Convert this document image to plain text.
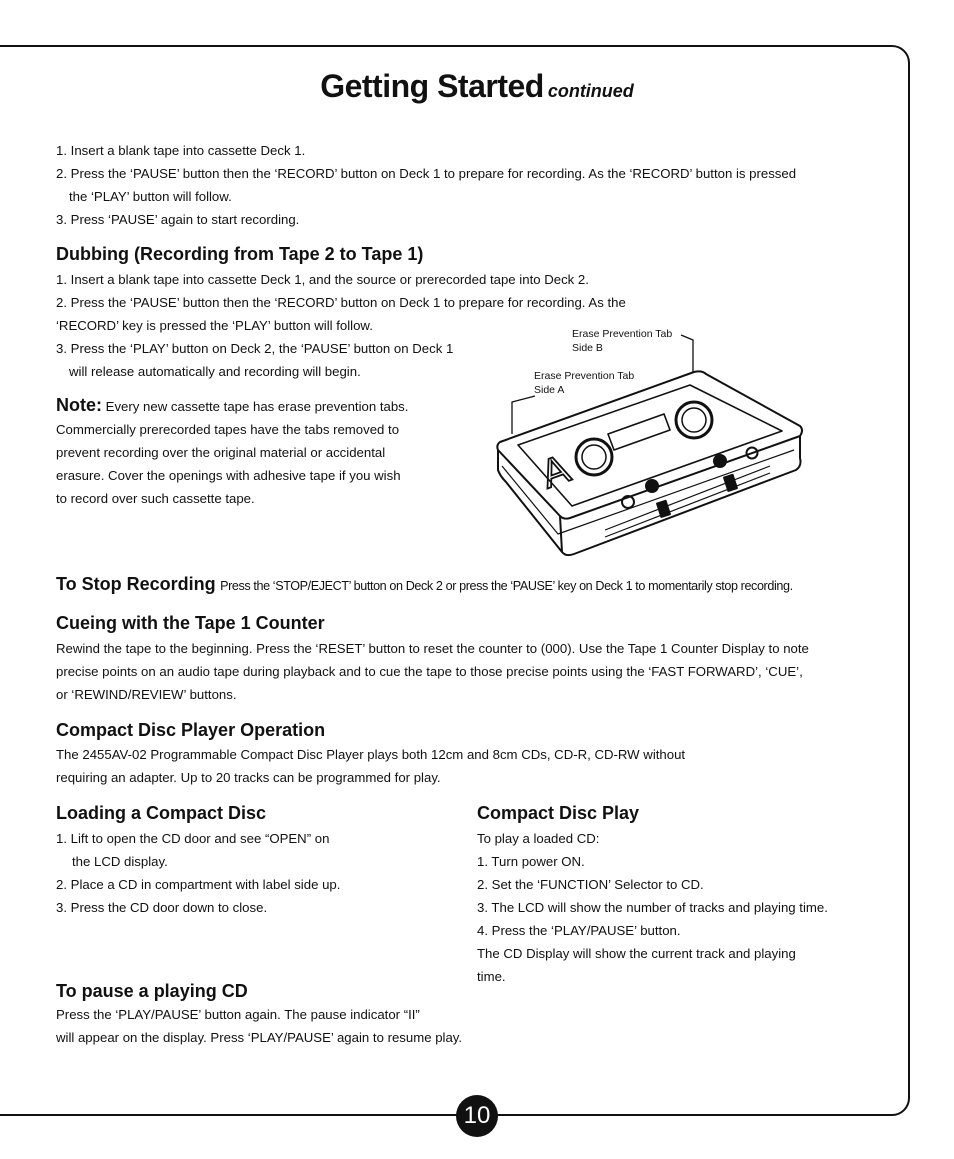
Getting Started continued

1. Insert a blank tape into cassette Deck 1.

2. Press the ‘PAUSE’ button then the ‘RECORD’ button on Deck 1 to prepare for recording. As the ‘RECORD’ button is pressed

the ‘PLAY’ button will follow.

3. Press ‘PAUSE’ again to start recording.

Dubbing (Recording from Tape 2 to Tape 1)

1. Insert a blank tape into cassette Deck 1, and the source or prerecorded tape into Deck 2.

2. Press the ‘PAUSE’ button then the ‘RECORD’ button on Deck 1 to prepare for recording. As the

‘RECORD’ key is pressed the ‘PLAY’ button will follow.

3. Press the ‘PLAY’ button on Deck 2, the ‘PAUSE’ button on Deck 1

will release automatically and recording will begin.

Note: Every new cassette tape has erase prevention tabs.

Commercially prerecorded tapes have the tabs removed to

prevent recording over the original material or accidental

erasure. Cover the openings with adhesive tape if you wish

to record over such cassette tape.

Erase Prevention Tab
Side B
Erase Prevention Tab
Side A
A
To Stop Recording Press the ‘STOP/EJECT’ button on Deck 2 or press the ‘PAUSE’ key on Deck 1 to momentarily stop recording.
Cueing with the Tape 1 Counter

Rewind the tape to the beginning. Press the ‘RESET’ button to reset the counter to (000). Use the Tape 1 Counter Display to note

precise points on an audio tape during playback and to cue the tape to those precise points using the ‘FAST FORWARD’, ‘CUE’,

or ‘REWIND/REVIEW’ buttons.

Compact Disc Player Operation

The 2455AV-02 Programmable Compact Disc Player plays both 12cm and 8cm CDs, CD-R, CD-RW without

requiring an adapter. Up to 20 tracks can be programmed for play.

Loading a Compact Disc

1. Lift to open the CD door and see “OPEN” on

the LCD display.

2. Place a CD in compartment with label side up.

3. Press the CD door down to close.

Compact Disc Play

To play a loaded CD:

1. Turn power ON.

2. Set the ‘FUNCTION’ Selector to CD.

3. The LCD will show the number of tracks and playing time.

4. Press the ‘PLAY/PAUSE’ button.

The CD Display will show the current track and playing

time.

To pause a playing CD

Press the ‘PLAY/PAUSE’ button again. The pause indicator “II”

will appear on the display. Press ‘PLAY/PAUSE’ again to resume play.

10
